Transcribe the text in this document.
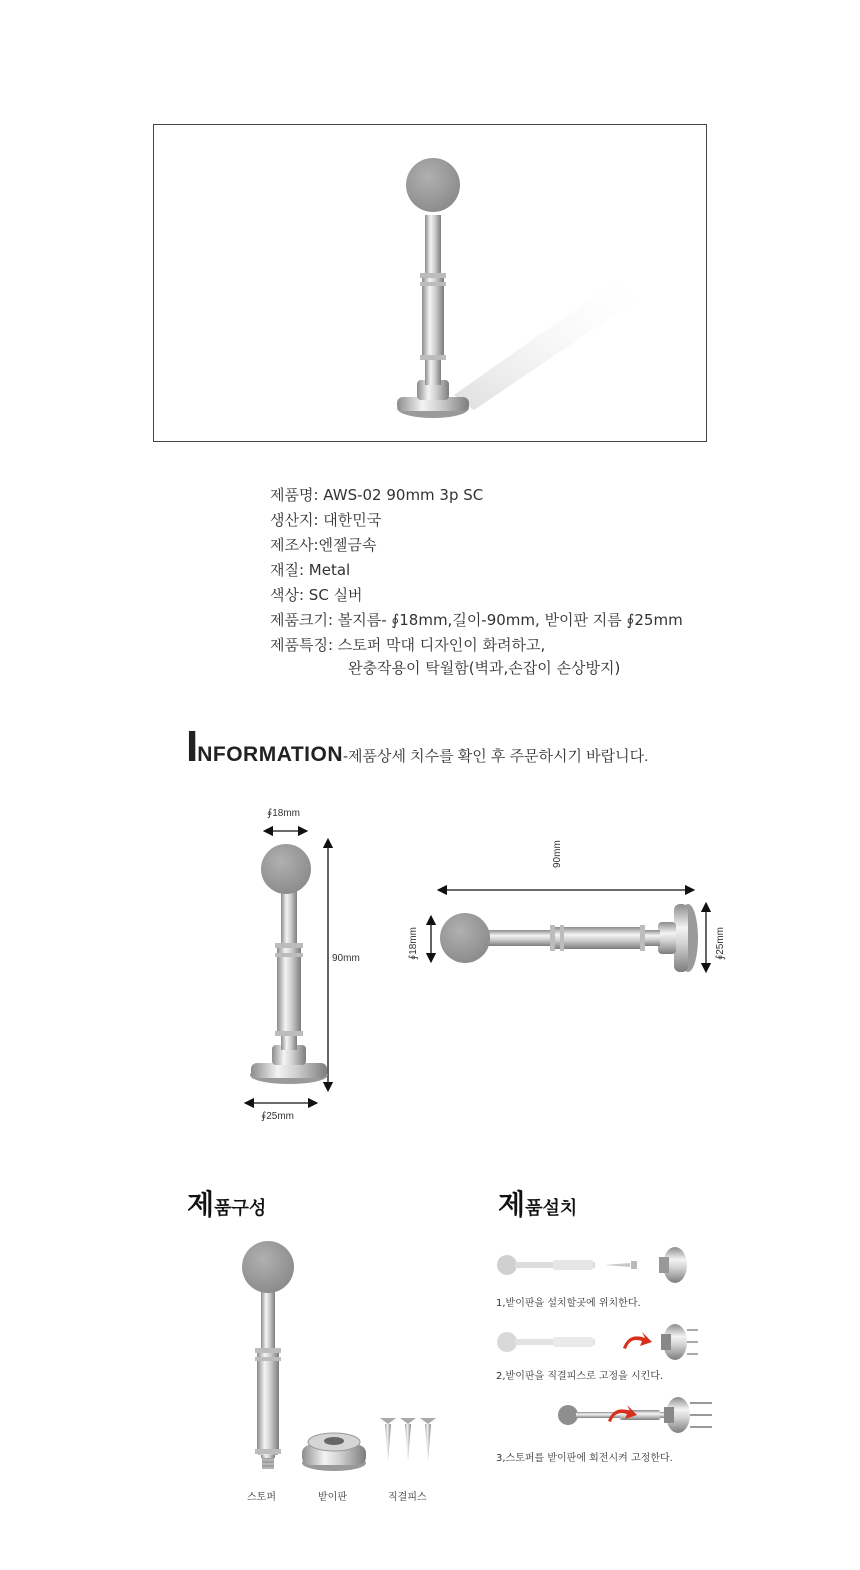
제품명: AWS-02 90mm 3p SC
생산지: 대한민국
제조사:엔젤금속
재질: Metal
색상: SC 실버
제품크기: 볼지름- ∮18mm,길이-90mm, 받이판 지름 ∮25mm
제품특징: 스토퍼 막대 디자인이 화려하고,
완충작용이 탁월함(벽과,손잡이 손상방지)
INFORMATION-제품상세 치수를 확인 후 주문하시기 바랍니다.
∮18mm
90mm
∮25mm
90mm
∮18mm	∮25mm
제품구성
스토퍼	받이판	직결피스
제품설치
1,받이판을 설치할곳에 위치한다.
2,받이판을 직결피스로 고정을 시킨다.
3,스토퍼를 받이판에 회전시켜 고정한다.
